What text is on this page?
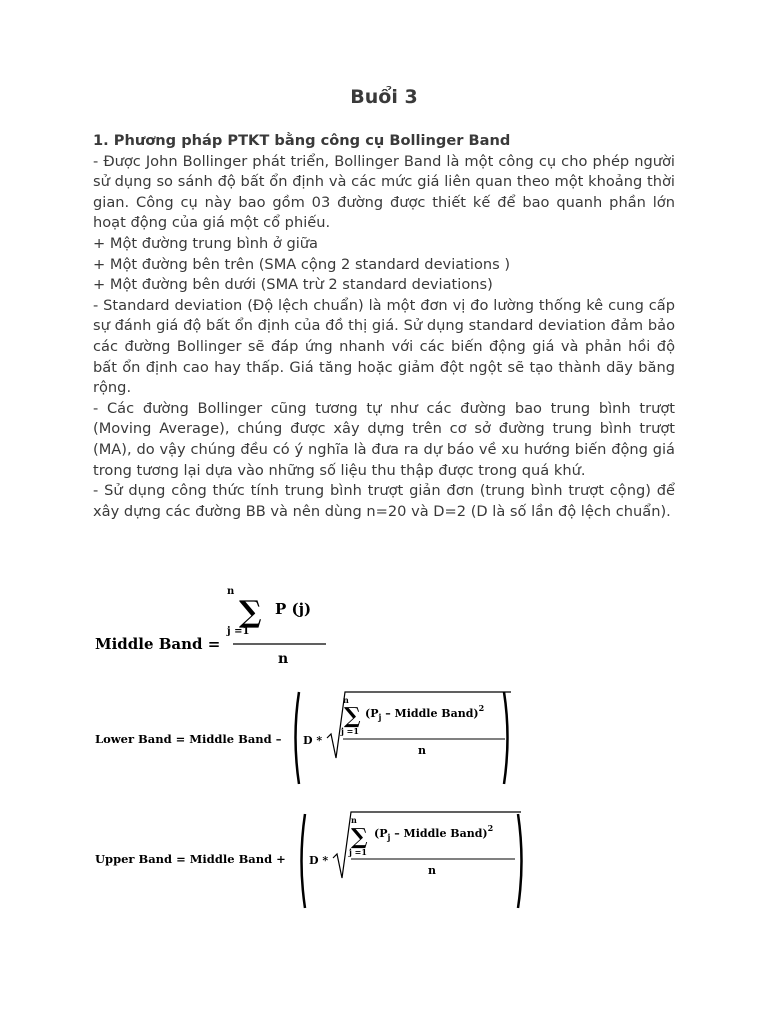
Buổi 3

1. Phương pháp PTKT bằng công cụ Bollinger Band

- Được John Bollinger phát triển, Bollinger Band là một công cụ cho phép người sử dụng so sánh độ bất ổn định và các mức giá liên quan theo một khoảng thời gian. Công cụ này bao gồm 03 đường được thiết kế để bao quanh phần lớn hoạt động của giá một cổ phiếu.

+ Một đường trung bình ở giữa

+ Một đường bên trên (SMA cộng 2 standard deviations )

+ Một đường bên dưới (SMA trừ 2 standard deviations)

- Standard deviation (Độ lệch chuẩn) là một đơn vị đo lường thống kê cung cấp sự đánh giá độ bất ổn định của đồ thị giá. Sử dụng standard deviation đảm bảo các đường Bollinger sẽ đáp ứng nhanh với các biến động giá và phản hồi độ bất ổn định cao hay thấp. Giá tăng hoặc giảm đột ngột sẽ tạo thành dãy băng rộng.

- Các đường Bollinger cũng tương tự như các đường bao trung bình trượt (Moving Average), chúng được xây dựng trên cơ sở đường trung bình trượt (MA), do vậy chúng đều có ý nghĩa là đưa ra dự báo về xu hướng biến động giá trong tương lại dựa vào những số liệu thu thập được trong quá khứ.

- Sử dụng công thức tính trung bình trượt giản đơn (trung bình trượt cộng) để xây dựng các đường BB và nên dùng n=20 và D=2 (D là số lần độ lệch chuẩn).

Middle Band =
n
∑
j =1
P (j)
n
Lower Band = Middle Band – D *
n
∑
j =1
($P_j$ – Middle Band)$^2$
n
Upper Band = Middle Band + D *
n
∑
j =1
($P_j$ – Middle Band)$^2$
n
